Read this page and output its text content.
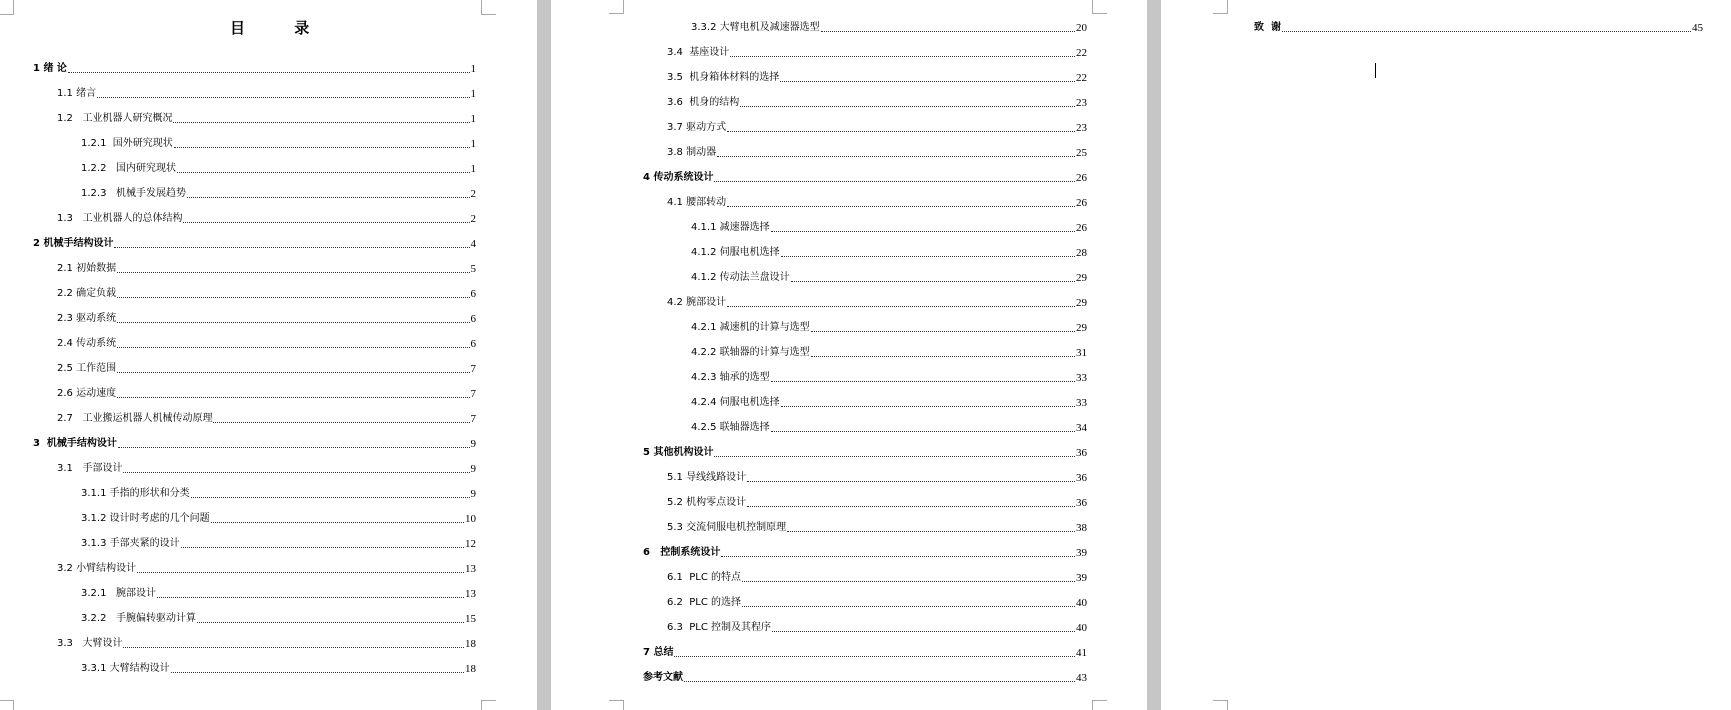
目 录
1 绪 论	1
1.1 绪言	1
1.2   工业机器人研究概况	1
1.2.1  国外研究现状	1
1.2.2   国内研究现状	1
1.2.3   机械手发展趋势	2
1.3   工业机器人的总体结构	2
2 机械手结构设计	4
2.1 初始数据	5
2.2 确定负载	6
2.3 驱动系统	6
2.4 传动系统	6
2.5 工作范围	7
2.6 运动速度	7
2.7   工业搬运机器人机械传动原理	7
3  机械手结构设计	9
3.1   手部设计	9
3.1.1 手指的形状和分类	9
3.1.2 设计时考虑的几个问题	10
3.1.3 手部夹紧的设计	12
3.2 小臂结构设计	13
3.2.1   腕部设计	13
3.2.2   手腕偏转驱动计算	15
3.3   大臂设计	18
3.3.1 大臂结构设计	18
3.3.2 大臂电机及减速器选型	20
3.4  基座设计	22
3.5  机身箱体材料的选择	22
3.6  机身的结构	23
3.7 驱动方式	23
3.8 制动器	25
4 传动系统设计	26
4.1 腰部转动	26
4.1.1 减速器选择	26
4.1.2 伺服电机选择	28
4.1.2 传动法兰盘设计	29
4.2 腕部设计	29
4.2.1 减速机的计算与选型	29
4.2.2 联轴器的计算与选型	31
4.2.3 轴承的选型	33
4.2.4 伺服电机选择	33
4.2.5 联轴器选择	34
5 其他机构设计	36
5.1 导线线路设计	36
5.2 机构零点设计	36
5.3 交流伺服电机控制原理	38
6   控制系统设计	39
6.1  PLC 的特点	39
6.2  PLC 的选择	40
6.3  PLC 控制及其程序	40
7 总结	41
参考文献	43
致  谢	45
